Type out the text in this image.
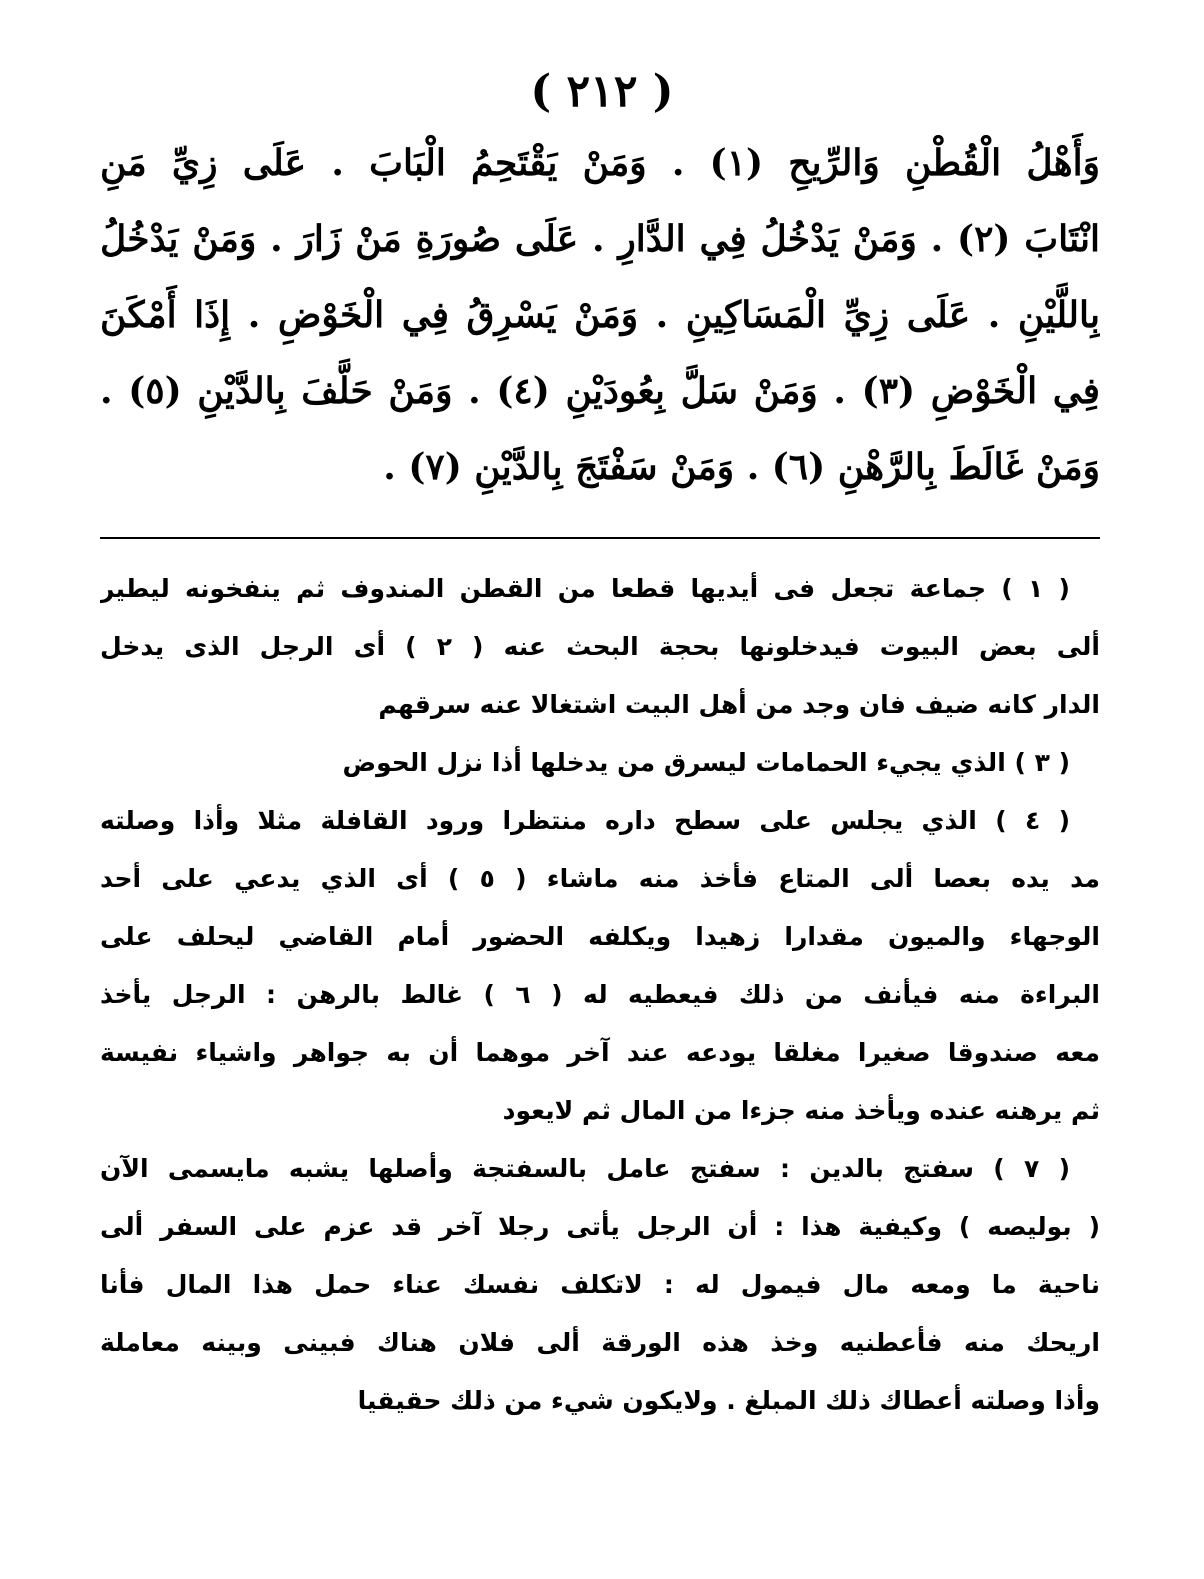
( ٢١٢ )
وَأَهْلُ الْقُطْنِ وَالرِّيحِ (١) . وَمَنْ يَقْتَحِمُ الْبَابَ . عَلَى زِيِّ مَنِ
انْتَابَ (٢) . وَمَنْ يَدْخُلُ فِي الدَّارِ . عَلَى صُورَةِ مَنْ زَارَ . وَمَنْ يَدْخُلُ
بِاللَّيْنِ . عَلَى زِيِّ الْمَسَاكِينِ . وَمَنْ يَسْرِقُ فِي الْخَوْضِ . إِذَا أَمْكَنَ
فِي الْخَوْضِ (٣) . وَمَنْ سَلَّ بِعُودَيْنِ (٤) . وَمَنْ حَلَّفَ بِالدَّيْنِ (٥) .
وَمَنْ غَالَطَ بِالرَّهْنِ (٦) . وَمَنْ سَفْتَجَ بِالدَّيْنِ (٧) .
( ١ ) جماعة تجعل فى أيديها قطعا من القطن المندوف ثم ينفخونه ليطير
ألى بعض البيوت فيدخلونها بحجة البحث عنه ( ٢ ) أى الرجل الذى يدخل
الدار كانه ضيف فان وجد من أهل البيت اشتغالا عنه سرقهم
( ٣ ) الذي يجيء الحمامات ليسرق من يدخلها أذا نزل الحوض
( ٤ ) الذي يجلس على سطح داره منتظرا ورود القافلة مثلا وأذا وصلته
مد يده بعصا ألى المتاع فأخذ منه ماشاء ( ٥ ) أى الذي يدعي على أحد
الوجهاء والميون مقدارا زهيدا ويكلفه الحضور أمام القاضي ليحلف على
البراءة منه فيأنف من ذلك فيعطيه له ( ٦ ) غالط بالرهن : الرجل يأخذ
معه صندوقا صغيرا مغلقا يودعه عند آخر موهما أن به جواهر واشياء نفيسة
ثم يرهنه عنده ويأخذ منه جزءا من المال ثم لايعود
( ٧ ) سفتج بالدين : سفتج عامل بالسفتجة وأصلها يشبه مايسمى الآن
( بوليصه ) وكيفية هذا : أن الرجل يأتى رجلا آخر قد عزم على السفر ألى
ناحية ما ومعه مال فيمول له : لاتكلف نفسك عناء حمل هذا المال فأنا
اريحك منه فأعطنيه وخذ هذه الورقة ألى فلان هناك فبينى وبينه معاملة
وأذا وصلته أعطاك ذلك المبلغ . ولايكون شيء من ذلك حقيقيا
